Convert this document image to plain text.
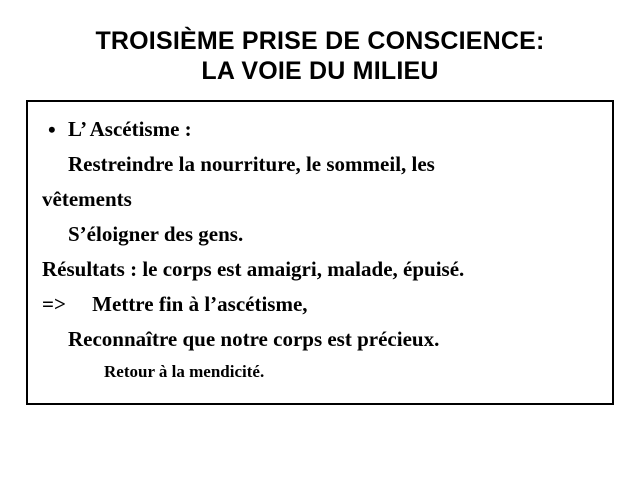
TROISIÈME PRISE DE CONSCIENCE:
LA VOIE DU MILIEU
• L’ Ascétisme :
Restreindre la nourriture, le sommeil, les
vêtements
S’éloigner des gens.
Résultats : le corps est amaigri, malade, épuisé.
=>     Mettre fin à l’ascétisme,
Reconnaître que notre corps est précieux.
Retour à la mendicité.
